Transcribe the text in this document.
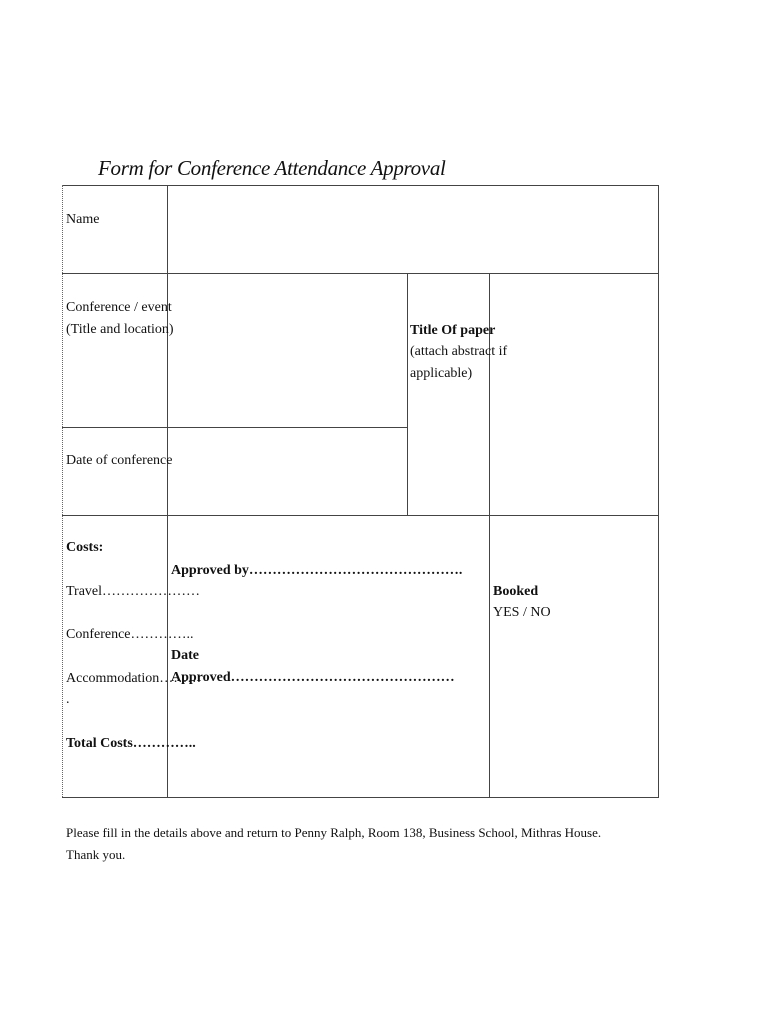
Form for Conference Attendance Approval
Name
Conference / event
(Title and location)	Title Of paper
(attach abstract if
applicable)
Date of conference
Costs:
Travel…………………
Conference…………..
Accommodation………
.
Total Costs…………..
Approved by……………………………………….
Date
Approved…………………………………………
Booked
YES / NO
Please fill in the details above and return to Penny Ralph, Room 138, Business School, Mithras House.
Thank you.
